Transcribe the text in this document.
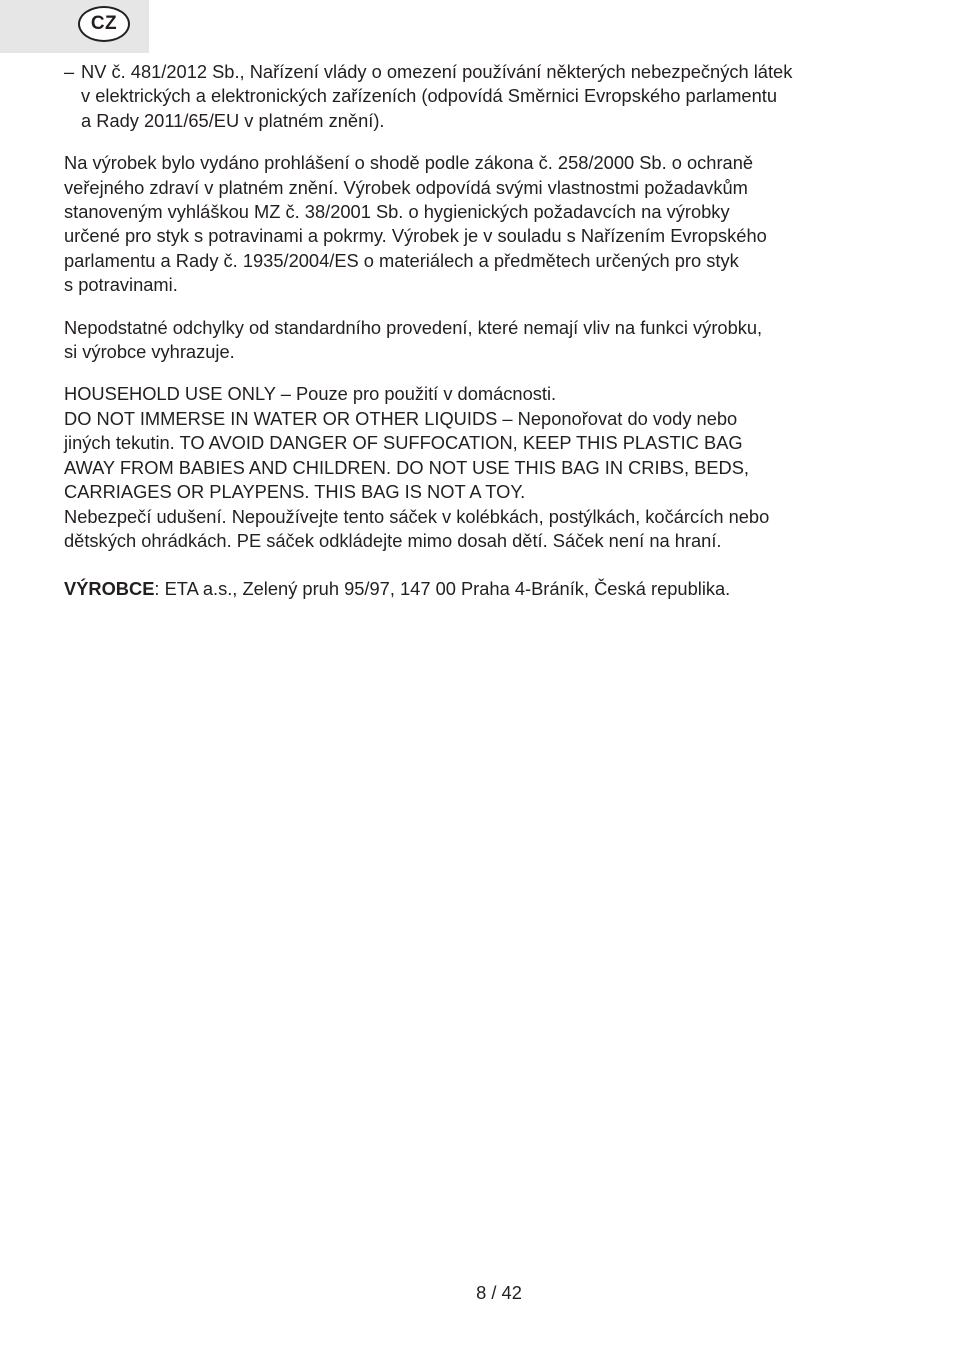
CZ
– NV č. 481/2012 Sb., Nařízení vlády o omezení používání některých nebezpečných látek
v elektrických a elektronických zařízeních (odpovídá Směrnici Evropského parlamentu
a Rady 2011/65/EU v platném znění).

Na výrobek bylo vydáno prohlášení o shodě podle zákona č. 258/2000 Sb. o ochraně
veřejného zdraví v platném znění. Výrobek odpovídá svými vlastnostmi požadavkům
stanoveným vyhláškou MZ č. 38/2001 Sb. o hygienických požadavcích na výrobky
určené pro styk s potravinami a pokrmy. Výrobek je v souladu s Nařízením Evropského
parlamentu a Rady č. 1935/2004/ES o materiálech a předmětech určených pro styk
s potravinami.

Nepodstatné odchylky od standardního provedení, které nemají vliv na funkci výrobku,
si výrobce vyhrazuje.

HOUSEHOLD USE ONLY – Pouze pro použití v domácnosti.
DO NOT IMMERSE IN WATER OR OTHER LIQUIDS – Neponořovat do vody nebo
jiných tekutin. TO AVOID DANGER OF SUFFOCATION, KEEP THIS PLASTIC BAG
AWAY FROM BABIES AND CHILDREN. DO NOT USE THIS BAG IN CRIBS, BEDS,
CARRIAGES OR PLAYPENS. THIS BAG IS NOT A TOY.
Nebezpečí udušení. Nepoužívejte tento sáček v kolébkách, postýlkách, kočárcích nebo
dětských ohrádkách. PE sáček odkládejte mimo dosah dětí. Sáček není na hraní.

VÝROBCE: ETA a.s., Zelený pruh 95/97, 147 00 Praha 4-Bráník, Česká republika.

8 / 42
